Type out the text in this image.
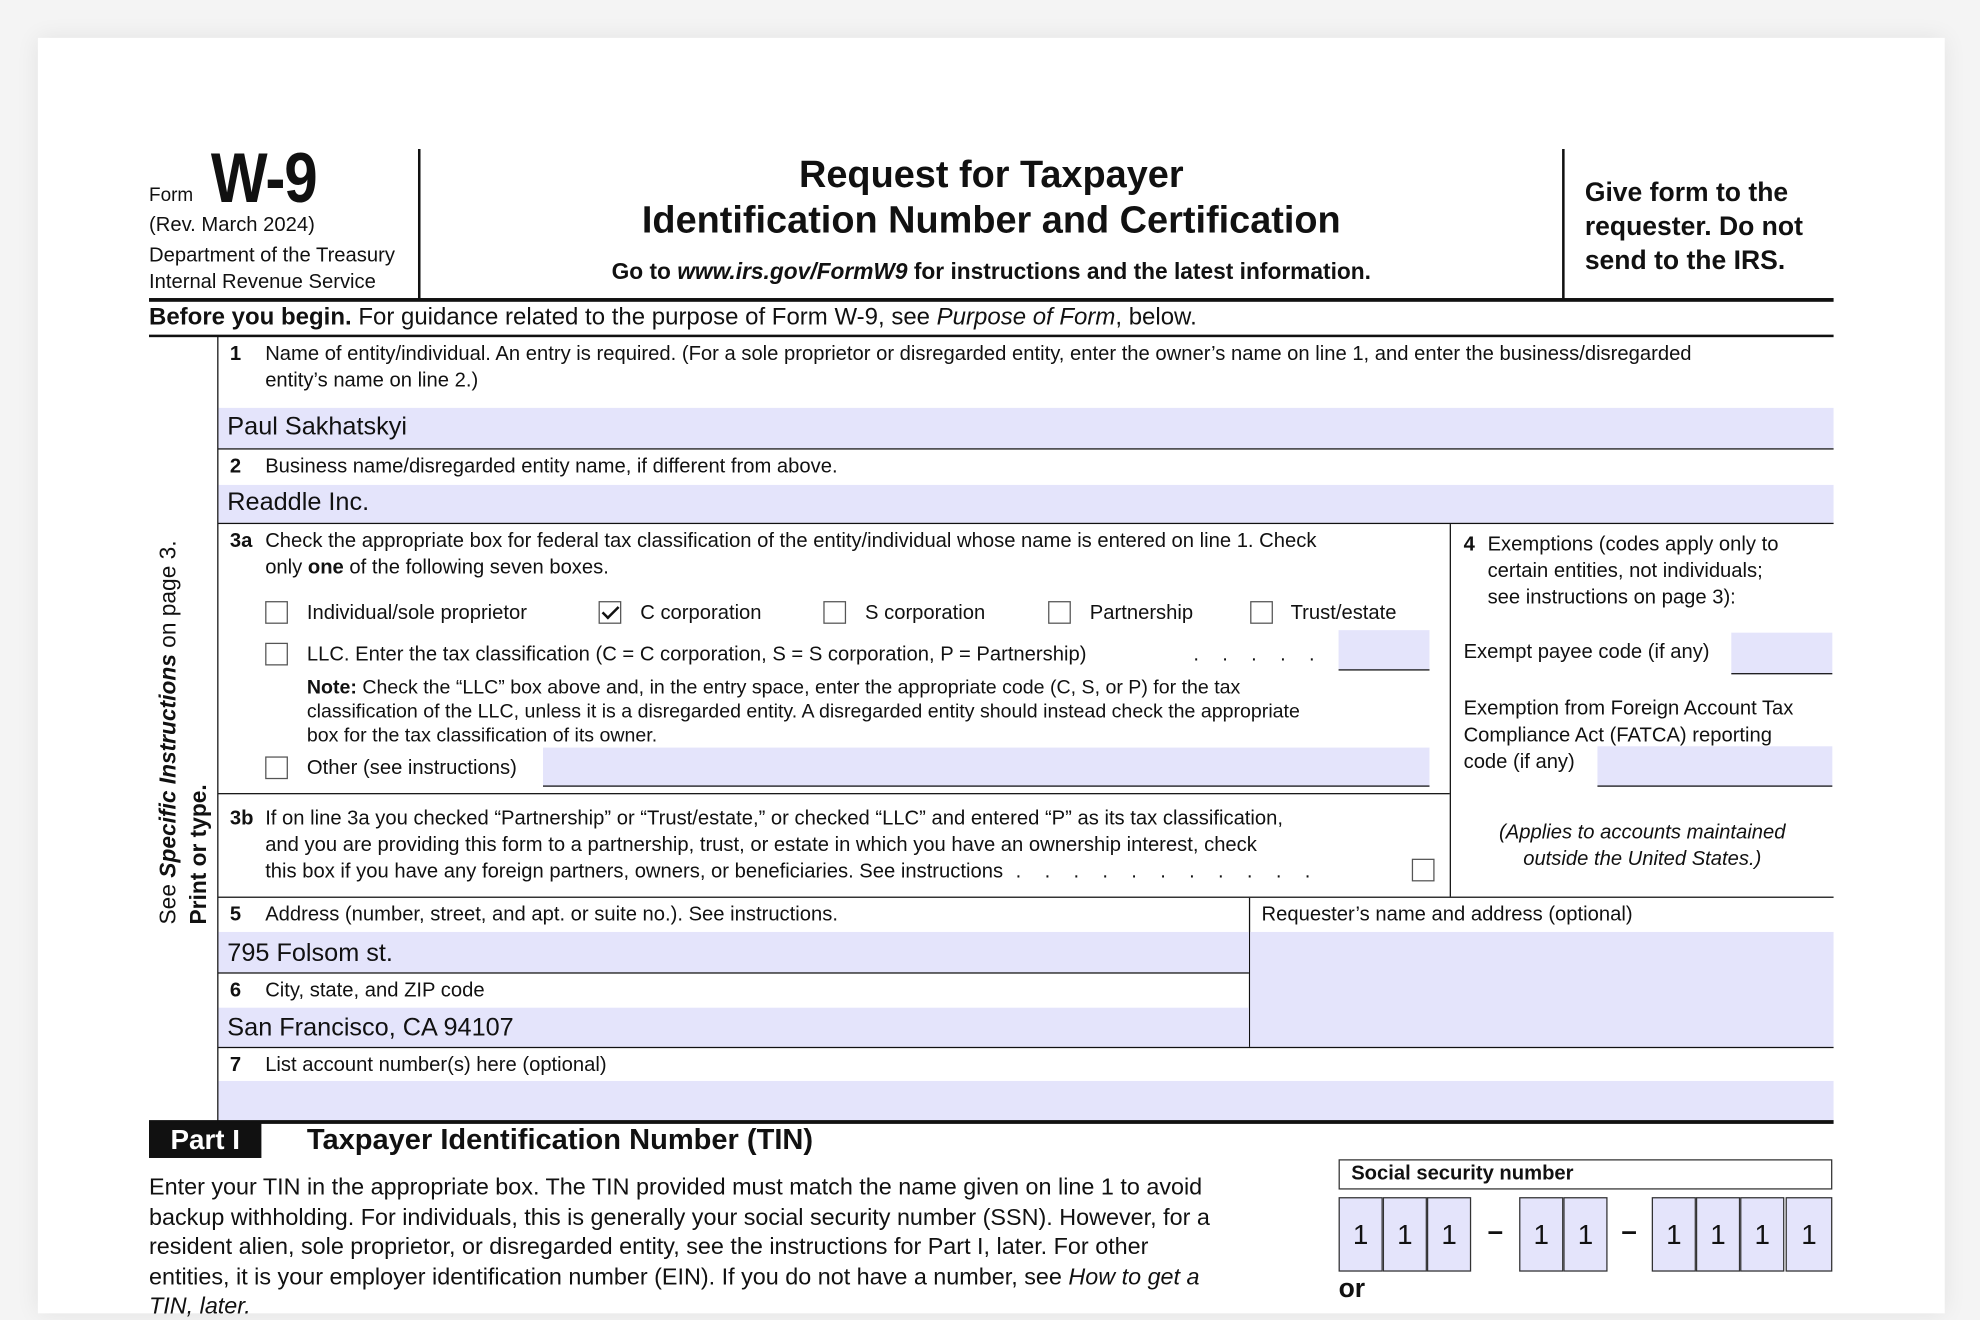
Form W-9
(Rev. March 2024)
Department of the Treasury
Internal Revenue Service
Request for Taxpayer
Identification Number and Certification
Go to www.irs.gov/FormW9 for instructions and the latest information.
Give form to the
requester. Do not
send to the IRS.
Before you begin. For guidance related to the purpose of Form W-9, see Purpose of Form, below.
See Specific Instructions on page 3.
Print or type.
1 Name of entity/individual. An entry is required. (For a sole proprietor or disregarded entity, enter the owner’s name on line 1, and enter the business/disregarded
entity’s name on line 2.)
Paul Sakhatskyi
2 Business name/disregarded entity name, if different from above.
Readdle Inc.
3a Check the appropriate box for federal tax classification of the entity/individual whose name is entered on line 1. Check
only one of the following seven boxes.
Individual/sole proprietor	C corporation	S corporation	Partnership	Trust/estate
LLC. Enter the tax classification (C = C corporation, S = S corporation, P = Partnership)	. . . . .
Note: Check the “LLC” box above and, in the entry space, enter the appropriate code (C, S, or P) for the tax
classification of the LLC, unless it is a disregarded entity. A disregarded entity should instead check the appropriate
box for the tax classification of its owner.
Other (see instructions)
3b If on line 3a you checked “Partnership” or “Trust/estate,” or checked “LLC” and entered “P” as its tax classification,
and you are providing this form to a partnership, trust, or estate in which you have an ownership interest, check
this box if you have any foreign partners, owners, or beneficiaries. See instructions . . . . . . . . . . .
4 Exemptions (codes apply only to
certain entities, not individuals;
see instructions on page 3):
Exempt payee code (if any)
Exemption from Foreign Account Tax
Compliance Act (FATCA) reporting
code (if any)
(Applies to accounts maintained
outside the United States.)
5 Address (number, street, and apt. or suite no.). See instructions.
795 Folsom st.
Requester’s name and address (optional)
6 City, state, and ZIP code
San Francisco, CA 94107
7 List account number(s) here (optional)
Part I	Taxpayer Identification Number (TIN)
Enter your TIN in the appropriate box. The TIN provided must match the name given on line 1 to avoid
backup withholding. For individuals, this is generally your social security number (SSN). However, for a
resident alien, sole proprietor, or disregarded entity, see the instructions for Part I, later. For other
entities, it is your employer identification number (EIN). If you do not have a number, see How to get a
TIN, later.
Social security number
1	1	1	–	1	1	–	1	1	1	1
or
